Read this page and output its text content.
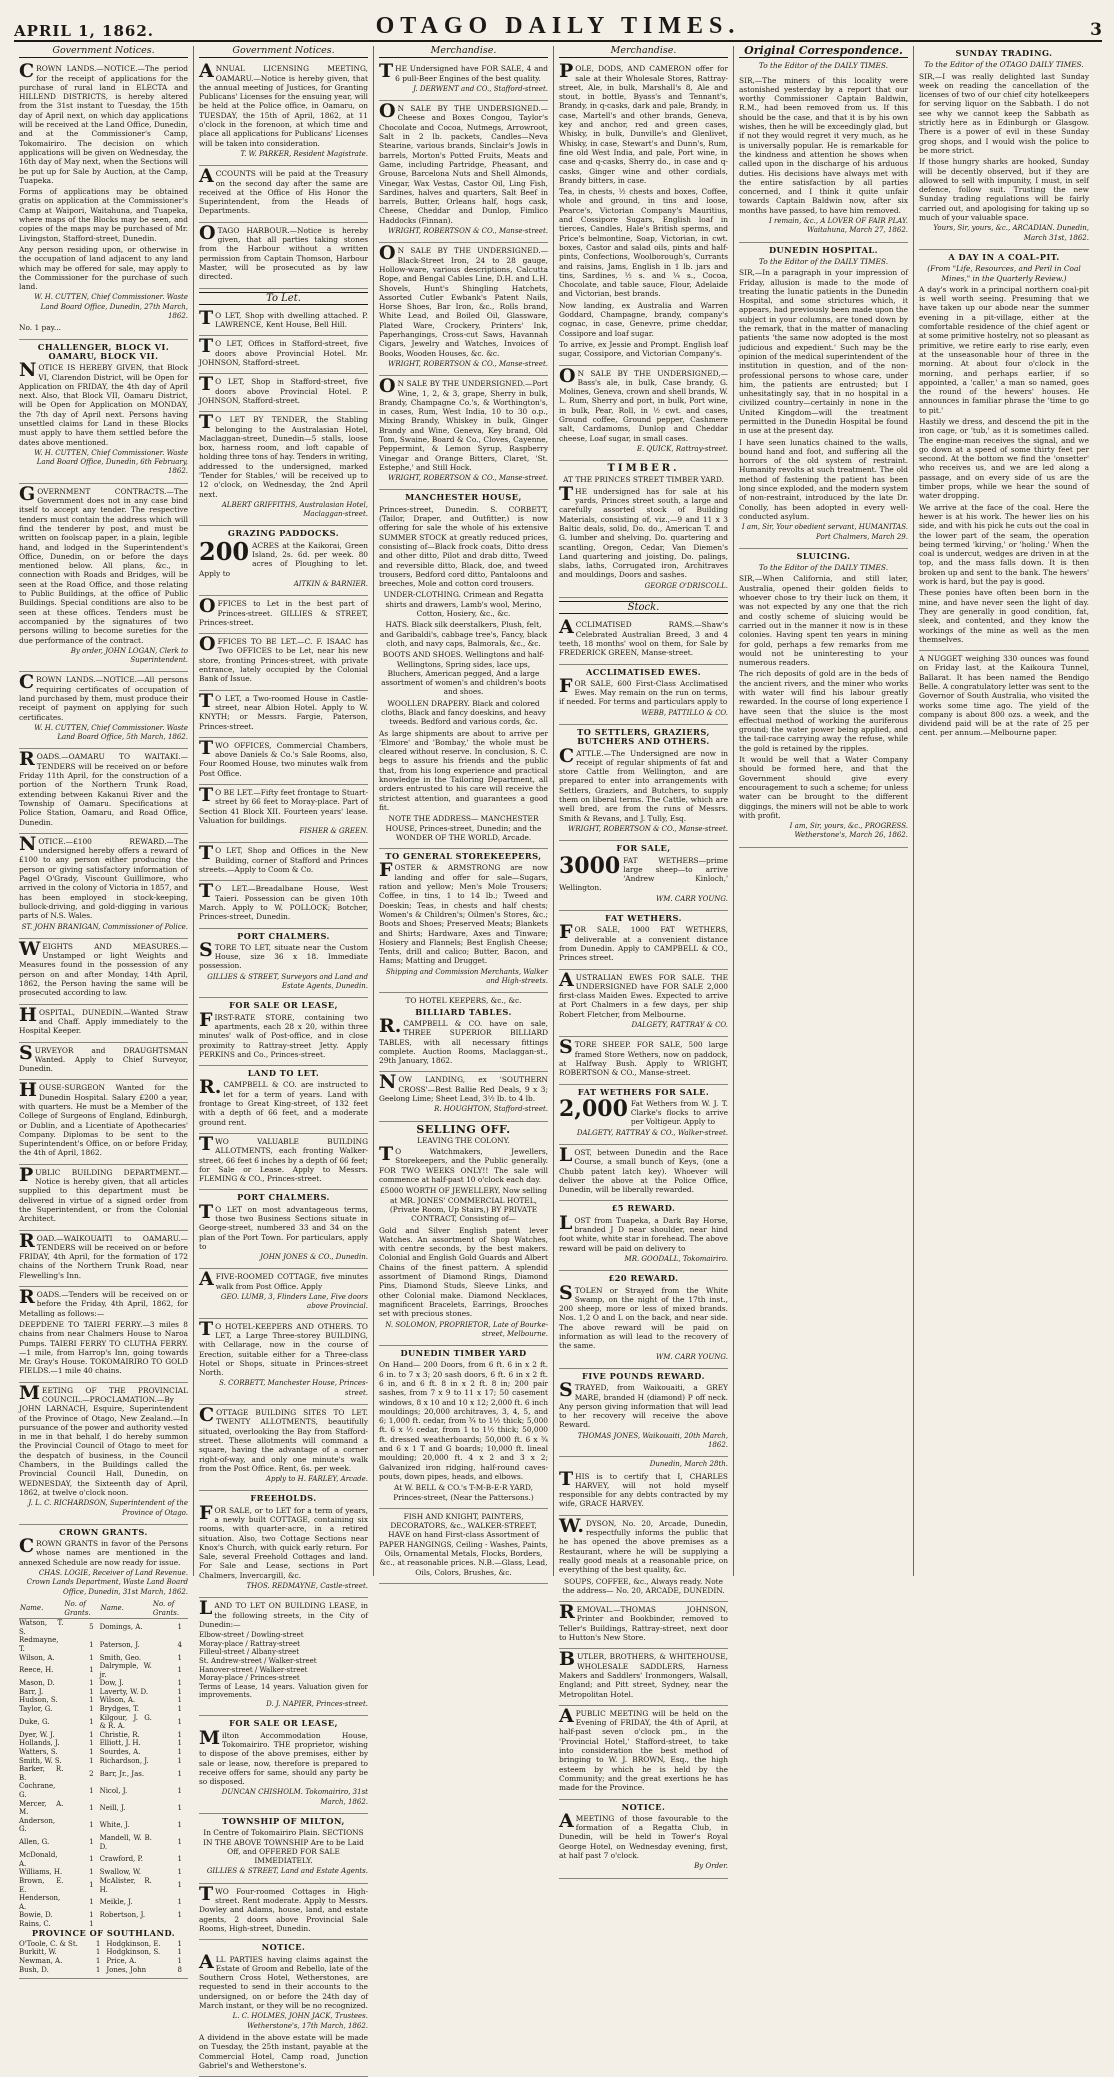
APRIL 1, 1862.	OTAGO DAILY TIMES.	3
Government Notices.

CROWN LANDS.—NOTICE.—The period for the receipt of applications for the purchase of rural land in ELECTA and HILLEND DISTRICTS, is hereby altered from the 31st instant to Tuesday, the 15th day of April next, on which day applications will be received at the Land Office, Dunedin, and at the Commissioner's Camp, Tokomairiro. The decision on which applications will be given on Wednesday, the 16th day of May next, when the Sections will be put up for Sale by Auction, at the Camp, Tuapeka.

Forms of applications may be obtained gratis on application at the Commissioner's Camp at Waipori, Waitahuna, and Tuapeka, where maps of the Blocks may be seen, and copies of the maps may be purchased of Mr. Livingston, Stafford-street, Dunedin.

Any person residing upon, or otherwise in the occupation of land adjacent to any land which may be offered for sale, may apply to the Commissioner for the purchase of such land.

W. H. CUTTEN, Chief Commissioner. Waste Land Board Office, Dunedin, 27th March, 1862.

No. 1 pay...

CHALLENGER, BLOCK VI. OAMARU, BLOCK VII.

NOTICE IS HEREBY GIVEN, that Block VI, Clarendon District, will be Open for Application on FRIDAY, the 4th day of April next. Also, that Block VII, Oamaru District, will be Open for Application on MONDAY, the 7th day of April next. Persons having unsettled claims for Land in these Blocks must apply to have them settled before the dates above mentioned.

W. H. CUTTEN, Chief Commissioner. Waste Land Board Office, Dunedin, 6th February, 1862.

GOVERNMENT CONTRACTS.—The Government does not in any case bind itself to accept any tender. The respective tenders must contain the address which will find the tenderer by post, and must be written on foolscap paper, in a plain, legible hand, and lodged in the Superintendent's Office, Dunedin, on or before the days mentioned below. All plans, &c., in connection with Roads and Bridges, will be seen at the Road Office, and those relating to Public Buildings, at the office of Public Buildings. Special conditions are also to be seen at these offices. Tenders must be accompanied by the signatures of two persons willing to become sureties for the due performance of the contract.

By order, JOHN LOGAN, Clerk to Superintendent.

CROWN LANDS.—NOTICE.—All persons requiring certificates of occupation of land purchased by them, must produce their receipt of payment on applying for such certificates.

W. H. CUTTEN, Chief Commissioner. Waste Land Board Office, 5th March, 1862.

ROADS.—OAMARU TO WAITAKI.—TENDERS will be received on or before Friday 11th April, for the construction of a portion of the Northern Trunk Road, extending between Kakanui River and the Township of Oamaru. Specifications at Police Station, Oamaru, and Road Office, Dunedin.

NOTICE.—£100 REWARD.—The undersigned hereby offers a reward of £100 to any person either producing the person or giving satisfactory information of Pagel O'Grady, Viscount Guillimore, who arrived in the colony of Victoria in 1857, and has been employed in stock-keeping, bullock-driving, and gold-digging in various parts of N.S. Wales.

ST. JOHN BRANIGAN, Commissioner of Police.

WEIGHTS AND MEASURES.—Unstamped or light Weights and Measures found in the possession of any person on and after Monday, 14th April, 1862, the Person having the same will be prosecuted according to law.

HOSPITAL, DUNEDIN.—Wanted Straw and Chaff. Apply immediately to the Hospital Keeper.

SURVEYOR and DRAUGHTSMAN Wanted. Apply to Chief Surveyor, Dunedin.

HOUSE-SURGEON Wanted for the Dunedin Hospital. Salary £200 a year, with quarters. He must be a Member of the College of Surgeons of England, Edinburgh, or Dublin, and a Licentiate of Apothecaries' Company. Diplomas to be sent to the Superintendent's Office, on or before Friday, the 4th of April, 1862.

PUBLIC BUILDING DEPARTMENT.—Notice is hereby given, that all articles supplied to this department must be delivered in virtue of a signed order from the Superintendent, or from the Colonial Architect.

ROAD.—WAIKOUAITI to OAMARU.—TENDERS will be received on or before FRIDAY, 4th April, for the formation of 172 chains of the Northern Trunk Road, near Flewelling's Inn.

ROADS.—Tenders will be received on or before the Friday, 4th April, 1862, for Metalling as follows:—

DEEPDENE TO TAIERI FERRY.—3 miles 8 chains from near Chalmers House to Naroa Pumps. TAIERI FERRY TO CLUTHA FERRY.—1 mile, from Harrop's Inn, going towards Mr. Gray's House. TOKOMAIRIRO TO GOLD FIELDS.—1 mile 40 chains.

MEETING OF THE PROVINCIAL COUNCIL.—PROCLAMATION.—By JOHN LARNACH, Esquire, Superintendent of the Province of Otago, New Zealand.—In pursuance of the power and authority vested in me in that behalf, I do hereby summon the Provincial Council of Otago to meet for the despatch of business, in the Council Chambers, in the Buildings called the Provincial Council Hall, Dunedin, on WEDNESDAY, the Sixteenth day of April, 1862, at twelve o'clock noon.

J. L. C. RICHARDSON, Superintendent of the Province of Otago.

CROWN GRANTS.

CROWN GRANTS in favor of the Persons whose names are mentioned in the annexed Schedule are now ready for issue.

CHAS. LOGIE, Receiver of Land Revenue. Crown Lands Department, Waste Land Board Office, Dunedin, 31st March, 1862.

Name.	No. of Grants.	Name.	No. of Grants.
Watson, T. S.	5	Domings, A.	1
Redmayne, T.	1	Paterson, J.	4
Wilson, A.	1	Smith, Geo.	1
Reece, H.	1	Dalrymple, W. jr.	1
Mason, D.	1	Dow, J.	1
Barr, J.	1	Laverty, W. D.	1
Hudson, S.	1	Wilson, A.	1
Taylor, G.	1	Brydges, T.	1
Duke, G.	1	Kilgour, J. G. & R. A.	1
Dyer, W. J.	1	Christie, R.	1
Hollands, J.	1	Elliott, J. H.	1
Watters, S.	1	Sourdes, A.	1
Smith, W. S.	1	Richardson, J.	1
Barker, R. B.	2	Barr, Jr., Jas.	1
Cochrane, G.	1	Nicol, J.	1
Mercer, A. M.	1	Neill, J.	1
Anderson, G.	1	White, J.	1
Allen, G.	1	Mandell, W. B. D.	1
McDonald, A.	1	Crawford, P.	1
Williams, H.	1	Swallow, W.	1
Brown, E. E.	1	McAlister, R. H.	1
Henderson, A.	1	Meikle, J.	1
Bowie, D.	1	Robertson, J.	1
Rains, C.	1		

PROVINCE OF SOUTHLAND.

O'Toole, C. & St.	1	Hodgkinson, E.	1
Burkitt, W.	1	Hodgkinson, S.	1
Newman, A.	1	Price, A.	1
Bush, D.	1	Jones, John	8
Government Notices.

ANNUAL LICENSING MEETING, OAMARU.—Notice is hereby given, that the annual meeting of Justices, for Granting Publicans' Licenses for the ensuing year, will be held at the Police office, in Oamaru, on TUESDAY, the 15th of April, 1862, at 11 o'clock in the forenoon, at which time and place all applications for Publicans' Licenses will be taken into consideration.

T. W. PARKER, Resident Magistrate.

ACCOUNTS will be paid at the Treasury on the second day after the same are received at the Office of His Honor the Superintendent, from the Heads of Departments.

OTAGO HARBOUR.—Notice is hereby given, that all parties taking stones from the Harbour without a written permission from Captain Thomson, Harbour Master, will be prosecuted as by law directed.

To Let.

TO LET, Shop with dwelling attached. P. LAWRENCE, Kent House, Bell Hill.

TO LET, Offices in Stafford-street, five doors above Provincial Hotel. Mr. JOHNSON, Stafford-street.

TO LET, Shop in Stafford-street, five doors above Provincial Hotel. P. JOHNSON, Stafford-street.

TO LET BY TENDER, the Stabling belonging to the Australasian Hotel, Maclaggan-street, Dunedin—5 stalls, loose box, harness room, and loft capable of holding three tons of hay. Tenders in writing, addressed to the undersigned, marked 'Tender for Stables,' will be received up to 12 o'clock, on Wednesday, the 2nd April next.

ALBERT GRIFFITHS, Australasian Hotel, Maclaggan-street.

GRAZING PADDOCKS.

200 ACRES at the Kaikorai, Green Island, 2s. 6d. per week. 80 acres of Ploughing to let. Apply to

AITKIN & BARNIER.

OFFICES to Let in the best part of Princes-street. GILLIES & STREET, Princes-street.

OFFICES TO BE LET.—C. F. ISAAC has Two OFFICES to be Let, near his new store, fronting Princes-street, with private entrance, lately occupied by the Colonial Bank of Issue.

TO LET, a Two-roomed House in Castle-street, near Albion Hotel. Apply to W. KNYTH; or Messrs. Fargie, Paterson, Princes-street.

TWO OFFICES, Commercial Chambers, above Daniels & Co.'s Sale Rooms, also, Four Roomed House, two minutes walk from Post Office.

TO BE LET.—Fifty feet frontage to Stuart-street by 66 feet to Moray-place. Part of Section 41 Block XII. Fourteen years' lease. Valuation for buildings.

FISHER & GREEN.

TO LET, Shop and Offices in the New Building, corner of Stafford and Princes streets.—Apply to Coom & Co.

TO LET.—Breadalbane House, West Taieri. Possession can be given 10th March. Apply to W. POLLOCK; Botcher, Princes-street, Dunedin.

PORT CHALMERS.

STORE TO LET, situate near the Custom House, size 36 x 18. Immediate possession.

GILLIES & STREET, Surveyors and Land and Estate Agents, Dunedin.

FOR SALE OR LEASE,

FIRST-RATE STORE, containing two apartments, each 28 x 20, within three minutes' walk of Post-office, and in close proximity to Rattray-street Jetty. Apply PERKINS and Co., Princes-street.

LAND TO LET.

R.CAMPBELL & CO. are instructed to let for a term of years. Land with frontage to Great King-street, of 132 feet with a depth of 66 feet, and a moderate ground rent.

TWO VALUABLE BUILDING ALLOTMENTS, each fronting Walker-street, 66 feet 6 inches by a depth of 66 feet; for Sale or Lease. Apply to Messrs. FLEMING & CO., Princes-street.

PORT CHALMERS.

TO LET on most advantageous terms, those two Business Sections situate in George-street, numbered 33 and 34 on the plan of the Port Town. For particulars, apply to

JOHN JONES & CO., Dunedin.

AFIVE-ROOMED COTTAGE, five minutes walk from Post Office. Apply

GEO. LUMB, 3, Flinders Lane, Five doors above Provincial.

TO HOTEL-KEEPERS AND OTHERS. TO LET, a Large Three-storey BUILDING, with Cellarage, now in the course of Erection, suitable either for a Three-class Hotel or Shops, situate in Princes-street North.

S. CORBETT, Manchester House, Princes-street.

COTTAGE BUILDING SITES TO LET. TWENTY ALLOTMENTS, beautifully situated, overlooking the Bay from Stafford-street. These allotments will command a square, having the advantage of a corner right-of-way, and only one minute's walk from the Post Office. Rent, 6s. per week.

Apply to H. FARLEY, Arcade.

FREEHOLDS.

FOR SALE, or to LET for a term of years, a newly built COTTAGE, containing six rooms, with quarter-acre, in a retired situation. Also, two Cottage Sections near Knox's Church, with quick early return. For Sale, several Freehold Cottages and land. For Sale and Lease, sections in Port Chalmers, Invercargill, &c.

THOS. REDMAYNE, Castle-street.

LAND TO LET ON BUILDING LEASE, in the following streets, in the City of Dunedin:—

Elbow-street / Dowling-street
Moray-place / Rattray-street
Filleul-street / Albany-street
St. Andrew-street / Walker-street
Hanover-street / Walker-street
Moray-place / Princes-street
Terms of Lease, 14 years. Valuation given for improvements.

D. J. NAPIER, Princes-street.

FOR SALE OR LEASE,

Milton Accommodation House, Tokomairiro. THE proprietor, wishing to dispose of the above premises, either by sale or lease, now, therefore is prepared to receive offers for same, should any party be so disposed.

DUNCAN CHISHOLM. Tokomairiro, 31st March, 1862.

TOWNSHIP OF MILTON,

In Centre of Tokomairiro Plain. SECTIONS IN THE ABOVE TOWNSHIP Are to be Laid Off, and OFFERED FOR SALE IMMEDIATELY.

GILLIES & STREET, Land and Estate Agents.

TWO Four-roomed Cottages in High-street. Rent moderate. Apply to Messrs. Dowley and Adams, house, land, and estate agents, 2 doors above Provincial Sale Rooms, High-street, Dunedin.

NOTICE.

ALL PARTIES having claims against the Estate of Groom and Rebello, late of the Southern Cross Hotel, Wetherstones, are requested to send in their accounts to the undersigned, on or before the 24th day of March instant, or they will be no recognized.

L. C. HOLMES, JOHN JACK, Trustees. Wetherstone's, 17th March, 1862.

A dividend in the above estate will be made on Tuesday, the 25th instant, payable at the Commercial Hotel, Camp road, Junction Gabriel's and Wetherstone's.

Merchandise.

THE Undersigned have FOR SALE, 4 and 6 pull-Beer Engines of the best quality.

J. DERWENT and CO., Stafford-street.

ON SALE BY THE UNDERSIGNED.—Cheese and Boxes Congou, Taylor's Chocolate and Cocoa, Nutmegs, Arrowroot, Salt in 2 lb. packets, Candles—Neva Stearine, various brands, Sinclair's Jowls in barrels, Morton's Potted Fruits, Meats and Game, including Partridge, Pheasant, and Grouse, Barcelona Nuts and Shell Almonds, Vinegar, Wax Vestas, Castor Oil, Ling Fish, Sardines, halves and quarters, Salt Beef in barrels, Butter, Orleans half, hogs cask, Cheese, Cheddar and Dunlop, Fimlico Haddocks (Finnan).

WRIGHT, ROBERTSON & CO., Manse-street.

ON SALE BY THE UNDERSIGNED.—Black-Street Iron, 24 to 28 gauge, Hollow-ware, various descriptions, Calcutta Rope, and Bengal Cables Line, D.H. and L.H. Shovels, Hunt's Shingling Hatchets, Assorted Cutler Ewbank's Patent Nails, Horse Shoes, Bar Iron, &c., Rolls brand, White Lead, and Boiled Oil, Glassware, Plated Ware, Crockery, Printers' Ink, Paperhangings, Cross-cut Saws, Havannah Cigars, Jewelry and Watches, Invoices of Books, Wooden Houses, &c. &c.

WRIGHT, ROBERTSON & CO., Manse-street.

ON SALE BY THE UNDERSIGNED.—Port Wine, 1, 2, & 3, grape, Sherry in bulk, Brandy, Champagne Co.'s, & Worthington's, in cases, Rum, West India, 10 to 30 o.p., Mixing Brandy, Whiskey in bulk, Ginger Brandy and Wine, Geneva, Key brand, Old Tom, Swaine, Board & Co., Cloves, Cayenne, Peppermint, & Lemon Syrup, Raspberry Vinegar and Orange Bitters, Claret, 'St. Estephe,' and Still Hock.

WRIGHT, ROBERTSON & CO., Manse-street.

MANCHESTER HOUSE,

Princes-street, Dunedin. S. CORBETT, (Tailor, Draper, and Outfitter,) is now offering for sale the whole of his extensive SUMMER STOCK at greatly reduced prices, consisting of—Black frock coats, Ditto dress and other ditto, Pilot and drab ditto, Tweed and reversible ditto, Black, doe, and tweed trousers, Bedford cord ditto, Pantaloons and breeches, Mole and cotton cord trousers.

UNDER-CLOTHING. Crimean and Regatta shirts and drawers, Lamb's wool, Merino, Cotton, Hosiery, &c., &c.

HATS. Black silk deerstalkers, Plush, felt, and Garibaldi's, cabbage tree's, Fancy, black cloth, and navy caps, Balmorals, &c., &c.

BOOTS AND SHOES. Wellingtons and half-Wellingtons, Spring sides, lace ups, Bluchers, American pegged, And a large assortment of women's and children's boots and shoes.

WOOLLEN DRAPERY. Black and colored cloths, Black and fancy doeskins, and heavy tweeds. Bedford and various cords, &c.

As large shipments are about to arrive per 'Elmore' and 'Bombay,' the whole must be cleared without reserve. In conclusion, S. C. begs to assure his friends and the public that, from his long experience and practical knowledge in the Tailoring Department, all orders entrusted to his care will receive the strictest attention, and guarantees a good fit.

NOTE THE ADDRESS— MANCHESTER HOUSE, Princes-street, Dunedin; and the WONDER OF THE WORLD, Arcade.

TO GENERAL STOREKEEPERS,

FOSTER & ARMSTRONG are now landing and offer for sale—Sugars, ration and yellow; Men's Mole Trousers; Coffee, in tins, 1 to 14 lb.; Tweed and Doeskin; Teas, in chests and half chests; Women's & Children's; Oilmen's Stores, &c.; Boots and Shoes; Preserved Meats; Blankets and Shirts; Hardware, Axes and Tinware; Hosiery and Flannels; Best English Cheese; Tents, drill and calico; Butter, Bacon, and Hams; Matting and Drugget.

Shipping and Commission Merchants, Walker and High-streets.

TO HOTEL KEEPERS, &c., &c.

BILLIARD TABLES.

R.CAMPBELL & CO. have on sale, THREE SUPERIOR BILLIARD TABLES, with all necessary fittings complete. Auction Rooms, Maclaggan-st., 29th January, 1862.

NOW LANDING, ex 'SOUTHERN CROSS'—Best Ballie Red Deals, 9 x 3; Geelong Lime; Sheet Lead, 3½ lb. to 4 lb.

R. HOUGHTON, Stafford-street.

SELLING OFF.

LEAVING THE COLONY.

TO Watchmakers, Jewellers, Storekeepers, and the Public generally. FOR TWO WEEKS ONLY!! The sale will commence at half-past 10 o'clock each day.

£5000 WORTH OF JEWELLERY, Now selling at MR. JONES' COMMERCIAL HOTEL, (Private Room, Up Stairs,) BY PRIVATE CONTRACT, Consisting of—

Gold and Silver English patent lever Watches. An assortment of Shop Watches, with centre seconds, by the best makers. Colonial and English Gold Guards and Albert Chains of the finest pattern. A splendid assortment of Diamond Rings, Diamond Pins, Diamond Studs, Sleeve Links, and other Colonial make. Diamond Necklaces, magnificent Bracelets, Earrings, Brooches set with precious stones.

N. SOLOMON, PROPRIETOR, Late of Bourke-street, Melbourne.

DUNEDIN TIMBER YARD

On Hand— 200 Doors, from 6 ft. 6 in x 2 ft. 6 in. to 7 x 3; 20 sash doors, 6 ft. 6 in x 2 ft. 6 in, and 6 ft. 8 in x 2 ft. 8 in; 200 pair sashes, from 7 x 9 to 11 x 17; 50 casement windows, 8 x 10 and 10 x 12; 2,000 ft. 6 inch mouldings; 20,000 architraves, 3, 4, 5, and 6; 1,000 ft. cedar, from ¾ to 1½ thick; 5,000 ft. 6 x ½ cedar, from 1 to 1½ thick; 50,000 ft. dressed weatherboards; 50,000 ft. 6 x ¾ and 6 x 1 T and G boards; 10,000 ft. lineal moulding; 20,000 ft. 4 x 2 and 3 x 2; Galvanized iron ridging, half-round caves-pouts, down pipes, heads, and elbows.

At W. BELL & CO.'s T-M-B-E-R YARD, Princes-street, (Near the Pattersons.)

FISH AND KNIGHT, PAINTERS, DECORATORS, &c., WALKER-STREET, HAVE on hand First-class Assortment of PAPER HANGINGS, Ceiling - Washes, Paints, Oils, Ornamental Metals, Flocks, Borders, &c., at reasonable prices. N.B.—Glass, Lead, Oils, Colors, Brushes, &c.

Merchandise.

POLE, DODS, AND CAMERON offer for sale at their Wholesale Stores, Rattray-street, Ale, in bulk, Marshall's 8, Ale and stout, in bottle, Byass's and Tennant's, Brandy, in q-casks, dark and pale, Brandy, in case, Martell's and other brands, Geneva, key and anchor, red and green cases, Whisky, in bulk, Dunville's and Glenlivet, Whisky, in case, Stewart's and Dunn's, Rum, fine old West India, and pale, Port wine, in case and q-casks, Sherry do., in case and q-casks, Ginger wine and other cordials, Brandy bitters, in case.

Tea, in chests, ½ chests and boxes, Coffee, whole and ground, in tins and loose, Pearce's, Victorian Company's Mauritius, and Cossipore Sugars, English loaf in tierces, Candles, Hale's British sperms, and Price's belmontine, Soap, Victorian, in cwt. boxes, Castor and salad oils, pints and half-pints, Confections, Woolborough's, Currants and raisins, Jams, English in 1 lb. jars and tins, Sardines, ½ s. and ¼ s., Cocoa, Chocolate, and table sauce, Flour, Adelaide and Victorian, best brands.

Now landing, ex Australia and Warren Goddard, Champagne, brandy, company's cognac, in case, Genevre, prime cheddar, Cossipore and loaf sugar.

To arrive, ex Jessie and Prompt. English loaf sugar, Cossipore, and Victorian Company's.

ON SALE BY THE UNDERSIGNED,—Bass's ale, in bulk, Case brandy, G. Molines, Geneva, crown and shell brands, W. L. Rum, Sherry and port, in bulk, Port wine, in bulk, Pear, Roll, in ½ cwt. and cases, Ground coffee, Ground pepper, Cashmere salt, Cardamoms, Dunlop and Cheddar cheese, Loaf sugar, in small cases.

E. QUICK, Rattray-street.

TIMBER.

AT THE PRINCES STREET TIMBER YARD.

THE undersigned has for sale at his yards, Princes street south, a large and carefully assorted stock of Building Materials, consisting of, viz.,—9 and 11 x 3 Baltic deals, solid, Do. do., American T. and G. lumber and shelving, Do. quartering and scantling, Oregon, Cedar, Van Diemen's Land quartering and joisting, Do. palings, slabs, laths, Corrugated iron, Architraves and mouldings, Doors and sashes.

GEORGE O'DRISCOLL.

Stock.

ACCLIMATISED RAMS.—Shaw's Celebrated Australian Breed, 3 and 4 teeth, 18 months' wool on them, for Sale by FREDERICK GREEN, Manse-street.

ACCLIMATISED EWES.

FOR SALE, 600 First-Class Acclimatised Ewes. May remain on the run on terms, if needed. For terms and particulars apply to

WEBB, PATTILLO & CO.

TO SETTLERS, GRAZIERS, BUTCHERS AND OTHERS.

CATTLE.—The Undersigned are now in receipt of regular shipments of fat and store Cattle from Wellington, and are prepared to enter into arrangements with Settlers, Graziers, and Butchers, to supply them on liberal terms. The Cattle, which are well bred, are from the runs of Messrs. Smith & Revans, and J. Tully, Esq.

WRIGHT, ROBERTSON & CO., Manse-street.

FOR SALE,

3000 FAT WETHERS—prime large sheep—to arrive 'Andrew Kinloch,' Wellington.

WM. CARR YOUNG.

FAT WETHERS.

FOR SALE, 1000 FAT WETHERS, deliverable at a convenient distance from Dunedin. Apply to CAMPBELL & CO., Princes street.

AUSTRALIAN EWES FOR SALE. THE UNDERSIGNED have FOR SALE 2,000 first-class Maiden Ewes. Expected to arrive at Port Chalmers in a few days, per ship Robert Fletcher, from Melbourne.

DALGETY, RATTRAY & CO.

STORE SHEEP. FOR SALE, 500 large framed Store Wethers, now on paddock, at Halfway Bush. Apply to WRIGHT, ROBERTSON & CO., Manse-street.

FAT WETHERS FOR SALE.

2,000 Fat Wethers from W. J. T. Clarke's flocks to arrive per Voltigeur. Apply to

DALGETY, RATTRAY & CO., Walker-street.

LOST, between Dunedin and the Race Course, a small bunch of Keys, (one a Chubb patent latch key). Whoever will deliver the above at the Police Office, Dunedin, will be liberally rewarded.

£5 REWARD.

LOST from Tuapeka, a Dark Bay Horse, branded J D near shoulder, near hind foot white, white star in forehead. The above reward will be paid on delivery to

MR. GOODALL, Tokomairiro.

£20 REWARD.

STOLEN or Strayed from the White Swamp, on the night of the 17th inst., 200 sheep, more or less of mixed brands. Nos. 1,2 O and L on the back, and near side. The above reward will be paid on information as will lead to the recovery of the same.

WM. CARR YOUNG.

FIVE POUNDS REWARD.

STRAYED, from Waikouaiti, a GREY MARE, branded H (diamond) P off neck. Any person giving information that will lead to her recovery will receive the above Reward.

THOMAS JONES, Waikouaiti, 20th March, 1862.

Dunedin, March 28th.

THIS is to certify that I, CHARLES HARVEY, will not hold myself responsible for any debts contracted by my wife, GRACE HARVEY.

W.DYSON, No. 20, Arcade, Dunedin, respectfully informs the public that he has opened the above premises as a Restaurant, where he will be supplying a really good meals at a reasonable price, on everything of the best quality, &c.

SOUPS, COFFEE, &c., Always ready. Note the address— No. 20, ARCADE, DUNEDIN.

REMOVAL.—THOMAS JOHNSON, Printer and Bookbinder, removed to Teller's Buildings, Rattray-street, next door to Hutton's New Store.

BUTLER, BROTHERS, & WHITEHOUSE, WHOLESALE SADDLERS, Harness Makers and Saddlers' Ironmongers, Walsall, England; and Pitt street, Sydney, near the Metropolitan Hotel.

APUBLIC MEETING will be held on the Evening of FRIDAY, the 4th of April, at half-past seven o'clock pm., in the 'Provincial Hotel,' Stafford-street, to take into consideration the best method of bringing to W. J. BROWN, Esq., the high esteem by which he is held by the Community; and the great exertions he has made for the Province.

NOTICE.

AMEETING of those favourable to the formation of a Regatta Club, in Dunedin, will be held in Tower's Royal George Hotel, on Wednesday evening, first, at half past 7 o'clock.

By Order.

Original Correspondence.

To the Editor of the DAILY TIMES.

SIR,—The miners of this locality were astonished yesterday by a report that our worthy Commissioner Captain Baldwin, R.M., had been removed from us. If this should be the case, and that it is by his own wishes, then he will be exceedingly glad, but if not they would regret it very much, as he is universally popular. He is remarkable for the kindness and attention he shows when called upon in the discharge of his arduous duties. His decisions have always met with the entire satisfaction by all parties concerned, and I think it quite unfair towards Captain Baldwin now, after six months have passed, to have him removed.

I remain, &c., A LOVER OF FAIR PLAY. Waitahuna, March 27, 1862.

DUNEDIN HOSPITAL.

To the Editor of the DAILY TIMES.

SIR,—In a paragraph in your impression of Friday, allusion is made to the mode of treating the lunatic patients in the Dunedin Hospital, and some strictures which, it appears, had previously been made upon the subject in your columns, are toned down by the remark, that in the matter of manacling patients 'the same now adopted is the most judicious and expedient.' Such may be the opinion of the medical superintendent of the institution in question, and of the non-professional persons to whose care, under him, the patients are entrusted; but I unhesitatingly say, that in no hospital in a civilized country—certainly in none in the United Kingdom—will the treatment permitted in the Dunedin Hospital be found in use at the present day.

I have seen lunatics chained to the walls, bound hand and foot, and suffering all the horrors of the old system of restraint. Humanity revolts at such treatment. The old method of fastening the patient has been long since exploded, and the modern system of non-restraint, introduced by the late Dr. Conolly, has been adopted in every well-conducted asylum.

I am, Sir, Your obedient servant, HUMANITAS. Port Chalmers, March 29.

SLUICING.

To the Editor of the DAILY TIMES.

SIR,—When California, and still later, Australia, opened their golden fields to whoever chose to try their luck on them, it was not expected by any one that the rich and costly scheme of sluicing would be carried out in the manner it now is in these colonies. Having spent ten years in mining for gold, perhaps a few remarks from me would not be uninteresting to your numerous readers.

The rich deposits of gold are in the beds of the ancient rivers, and the miner who works with water will find his labour greatly rewarded. In the course of long experience I have seen that the sluice is the most effectual method of working the auriferous ground; the water power being applied, and the tail-race carrying away the refuse, while the gold is retained by the ripples.

It would be well that a Water Company should be formed here, and that the Government should give every encouragement to such a scheme; for unless water can be brought to the different diggings, the miners will not be able to work with profit.

I am, Sir, yours, &c., PROGRESS. Wetherstone's, March 26, 1862.

SUNDAY TRADING.

To the Editor of the OTAGO DAILY TIMES.

SIR,—I was really delighted last Sunday week on reading the cancellation of the licenses of two of our chief city hotelkeepers for serving liquor on the Sabbath. I do not see why we cannot keep the Sabbath as strictly here as in Edinburgh or Glasgow. There is a power of evil in these Sunday grog shops, and I would wish the police to be more strict.

If those hungry sharks are hooked, Sunday will be decently observed, but if they are allowed to sell with impunity, I must, in self defence, follow suit. Trusting the new Sunday trading regulations will be fairly carried out, and apologising for taking up so much of your valuable space.

Yours, Sir, yours, &c., ARCADIAN. Dunedin, March 31st, 1862.

A DAY IN A COAL-PIT.

(From "Life, Resources, and Peril in Coal Mines," in the Quarterly Review.)

A day's work in a principal northern coal-pit is well worth seeing. Presuming that we have taken up our abode near the summer evening in a pit-village, either at the comfortable residence of the chief agent or at some primitive hostelry, not so pleasant as primitive, we retire early to rise early, even at the unseasonable hour of three in the morning. At about four o'clock in the morning, and perhaps earlier, if so appointed, a 'caller,' a man so named, goes the round of the hewers' houses. He announces in familiar phrase the 'time to go to pit.'

Hastily we dress, and descend the pit in the iron cage, or 'tub,' as it is sometimes called. The engine-man receives the signal, and we go down at a speed of some thirty feet per second. At the bottom we find the 'onsetter' who receives us, and we are led along a passage, and on every side of us are the timber props, while we hear the sound of water dropping.

We arrive at the face of the coal. Here the hewer is at his work. The hewer lies on his side, and with his pick he cuts out the coal in the lower part of the seam, the operation being termed 'kirving,' or 'holing.' When the coal is undercut, wedges are driven in at the top, and the mass falls down. It is then broken up and sent to the bank. The hewers' work is hard, but the pay is good.

These ponies have often been born in the mine, and have never seen the light of day. They are generally in good condition, fat, sleek, and contented, and they know the workings of the mine as well as the men themselves.

A NUGGET weighing 330 ounces was found on Friday last, at the Kaikoura Tunnel, Ballarat. It has been named the Bendigo Belle. A congratulatory letter was sent to the Governor of South Australia, who visited the works some time ago. The yield of the company is about 800 ozs. a week, and the dividend paid will be at the rate of 25 per cent. per annum.—Melbourne paper.
